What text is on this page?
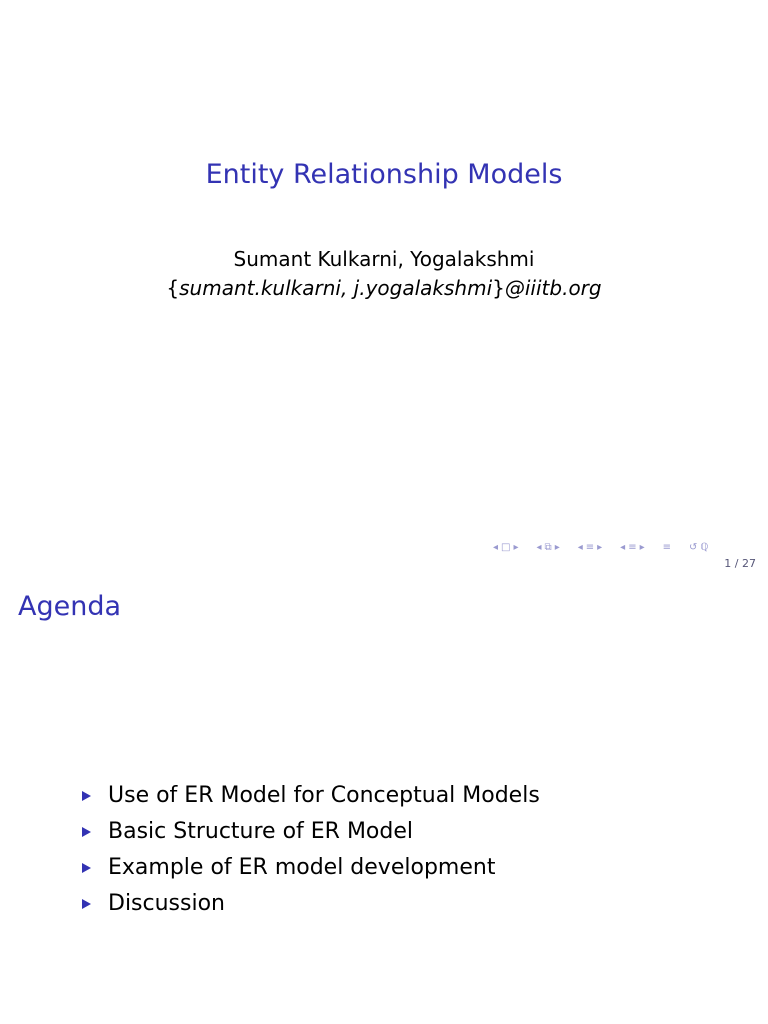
Entity Relationship Models
Sumant Kulkarni, Yogalakshmi
{sumant.kulkarni, j.yogalakshmi}@iiitb.org
◂ □ ▸ ◂ ⧉ ▸ ◂ ≡ ▸ ◂ ≡ ▸ ≡ ↺ ℚ
1 / 27
Agenda
Use of ER Model for Conceptual Models
Basic Structure of ER Model
Example of ER model development
Discussion
